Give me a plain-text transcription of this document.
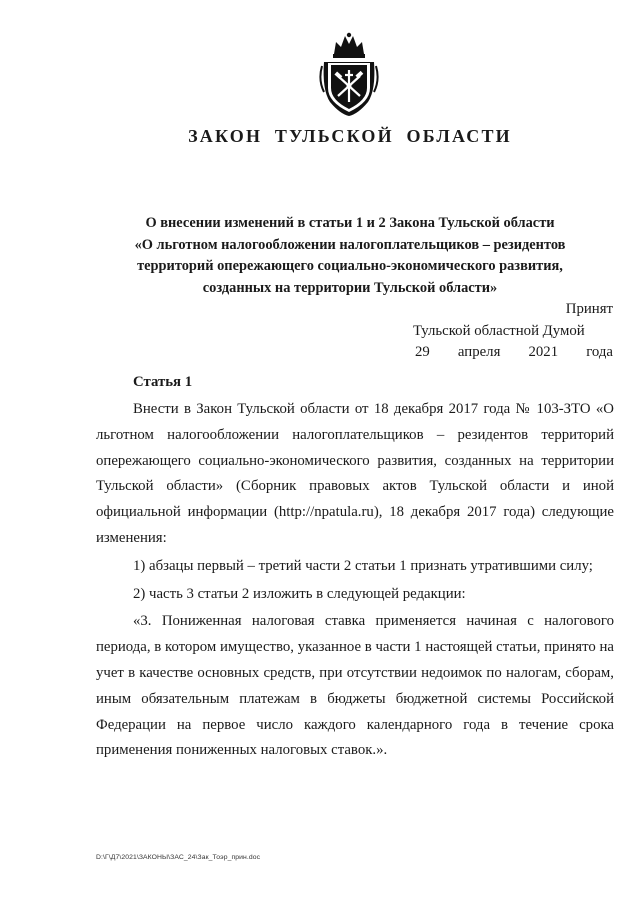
ЗАКОН ТУЛЬСКОЙ ОБЛАСТИ
О внесении изменений в статьи 1 и 2 Закона Тульской области
«О льготном налогообложении налогоплательщиков – резидентов
территорий опережающего социально-экономического развития,
созданных на территории Тульской области»
Принят
Тульской областной Думой
29 апреля 2021 года
Статья 1

Внести в Закон Тульской области от 18 декабря 2017 года № 103-ЗТО «О льготном налогообложении налогоплательщиков – резидентов территорий опережающего социально-экономического развития, созданных на территории Тульской области» (Сборник правовых актов Тульской области и иной официальной информации (http://npatula.ru), 18 декабря 2017 года) следующие изменения:

1) абзацы первый – третий части 2 статьи 1 признать утратившими силу;

2) часть 3 статьи 2 изложить в следующей редакции:

«3. Пониженная налоговая ставка применяется начиная с налогового периода, в котором имущество, указанное в части 1 настоящей статьи, принято на учет в качестве основных средств, при отсутствии недоимок по налогам, сборам, иным обязательным платежам в бюджеты бюджетной системы Российской Федерации на первое число каждого календарного года в течение срока применения пониженных налоговых ставок.».

D:\Г\Д7\2021\ЗАКОНЫ\ЗАС_24\Зак_Тоэр_прин.doc
